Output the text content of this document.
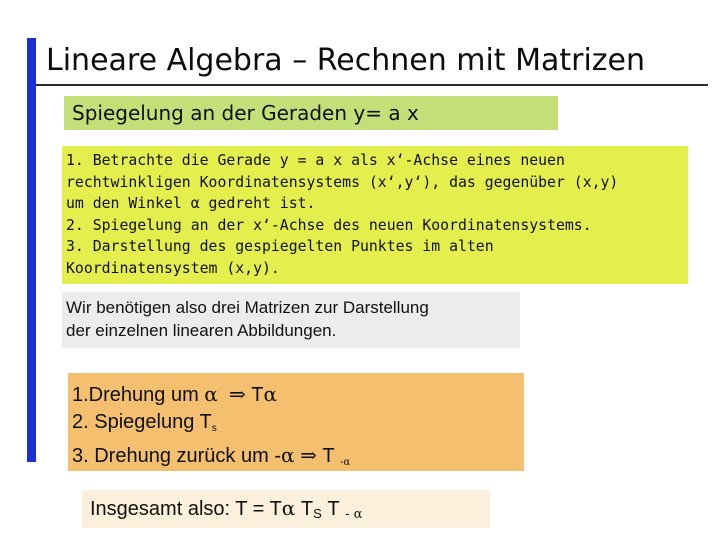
Lineare Algebra – Rechnen mit Matrizen
Spiegelung an der Geraden y= a x
1. Betrachte die Gerade y = a x als x‘-Achse eines neuen
rechtwinkligen Koordinatensystems (x‘,y‘), das gegenüber (x,y)
um den Winkel α gedreht ist.
2. Spiegelung an der x‘-Achse des neuen Koordinatensystems.
3. Darstellung des gespiegelten Punktes im alten
Koordinatensystem (x,y).
Wir benötigen also drei Matrizen zur Darstellung
der einzelnen linearen Abbildungen.
1.Drehung um α ⇒ Tα
2. Spiegelung $T_s$
3. Drehung zurück um -α ⇒ T $_{-\alpha}$
Insgesamt also: T = Tα TS T - α
